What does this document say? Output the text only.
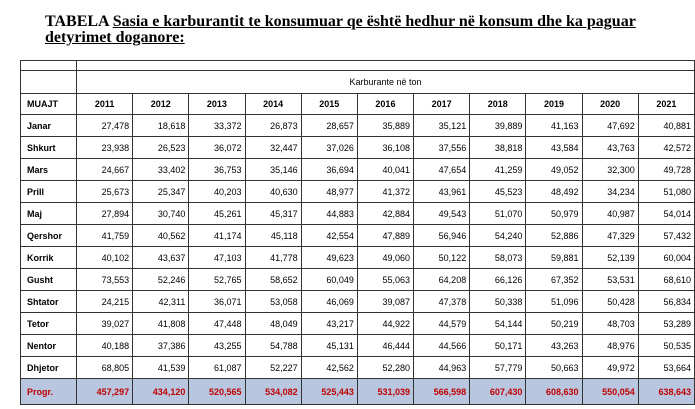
TABELA Sasia e karburantit te konsumuar qe është hedhur në konsum dhe ka paguar
detyrimet doganore:

	Karburante në ton										
MUAJT	2011	2012	2013	2014	2015	2016	2017	2018	2019	2020	2021
Janar	27,478	18,618	33,372	26,873	28,657	35,889	35,121	39,889	41,163	47,692	40,881
Shkurt	23,938	26,523	36,072	32,447	37,026	36,108	37,556	38,818	43,584	43,763	42,572
Mars	24,667	33,402	36,753	35,146	36,694	40,041	47,654	41,259	49,052	32,300	49,728
Prill	25,673	25,347	40,203	40,630	48,977	41,372	43,961	45,523	48,492	34,234	51,080
Maj	27,894	30,740	45,261	45,317	44,883	42,884	49,543	51,070	50,979	40,987	54,014
Qershor	41,759	40,562	41,174	45,118	42,554	47,889	56,946	54,240	52,886	47,329	57,432
Korrik	40,102	43,637	47,103	41,778	49,623	49,060	50,122	58,073	59,881	52,139	60,004
Gusht	73,553	52,246	52,765	58,652	60,049	55,063	64,208	66,126	67,352	53,531	68,610
Shtator	24,215	42,311	36,071	53,058	46,069	39,087	47,378	50,338	51,096	50,428	56,834
Tetor	39,027	41,808	47,448	48,049	43,217	44,922	44,579	54,144	50,219	48,703	53,289
Nentor	40,188	37,386	43,255	54,788	45,131	46,444	44,566	50,171	43,263	48,976	50,535
Dhjetor	68,805	41,539	61,087	52,227	42,562	52,280	44,963	57,779	50,663	49,972	53,664
Progr.	457,297	434,120	520,565	534,082	525,443	531,039	566,598	607,430	608,630	550,054	638,643
